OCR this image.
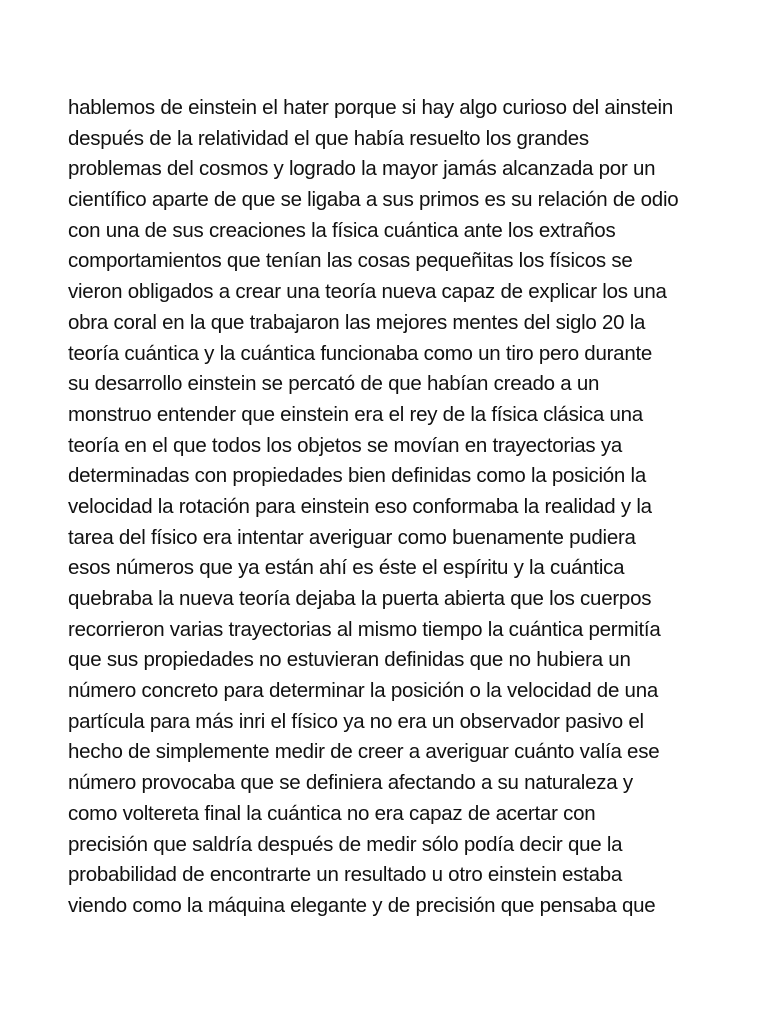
hablemos de einstein el hater porque si hay algo curioso del ainstein
después de la relatividad el que había resuelto los grandes
problemas del cosmos y logrado la mayor jamás alcanzada por un
científico aparte de que se ligaba a sus primos es su relación de odio
con una de sus creaciones la física cuántica ante los extraños
comportamientos que tenían las cosas pequeñitas los físicos se
vieron obligados a crear una teoría nueva capaz de explicar los una
obra coral en la que trabajaron las mejores mentes del siglo 20 la
teoría cuántica y la cuántica funcionaba como un tiro pero durante
su desarrollo einstein se percató de que habían creado a un
monstruo entender que einstein era el rey de la física clásica una
teoría en el que todos los objetos se movían en trayectorias ya
determinadas con propiedades bien definidas como la posición la
velocidad la rotación para einstein eso conformaba la realidad y la
tarea del físico era intentar averiguar como buenamente pudiera
esos números que ya están ahí es éste el espíritu y la cuántica
quebraba la nueva teoría dejaba la puerta abierta que los cuerpos
recorrieron varias trayectorias al mismo tiempo la cuántica permitía
que sus propiedades no estuvieran definidas que no hubiera un
número concreto para determinar la posición o la velocidad de una
partícula para más inri el físico ya no era un observador pasivo el
hecho de simplemente medir de creer a averiguar cuánto valía ese
número provocaba que se definiera afectando a su naturaleza y
como voltereta final la cuántica no era capaz de acertar con
precisión que saldría después de medir sólo podía decir que la
probabilidad de encontrarte un resultado u otro einstein estaba
viendo como la máquina elegante y de precisión que pensaba que
